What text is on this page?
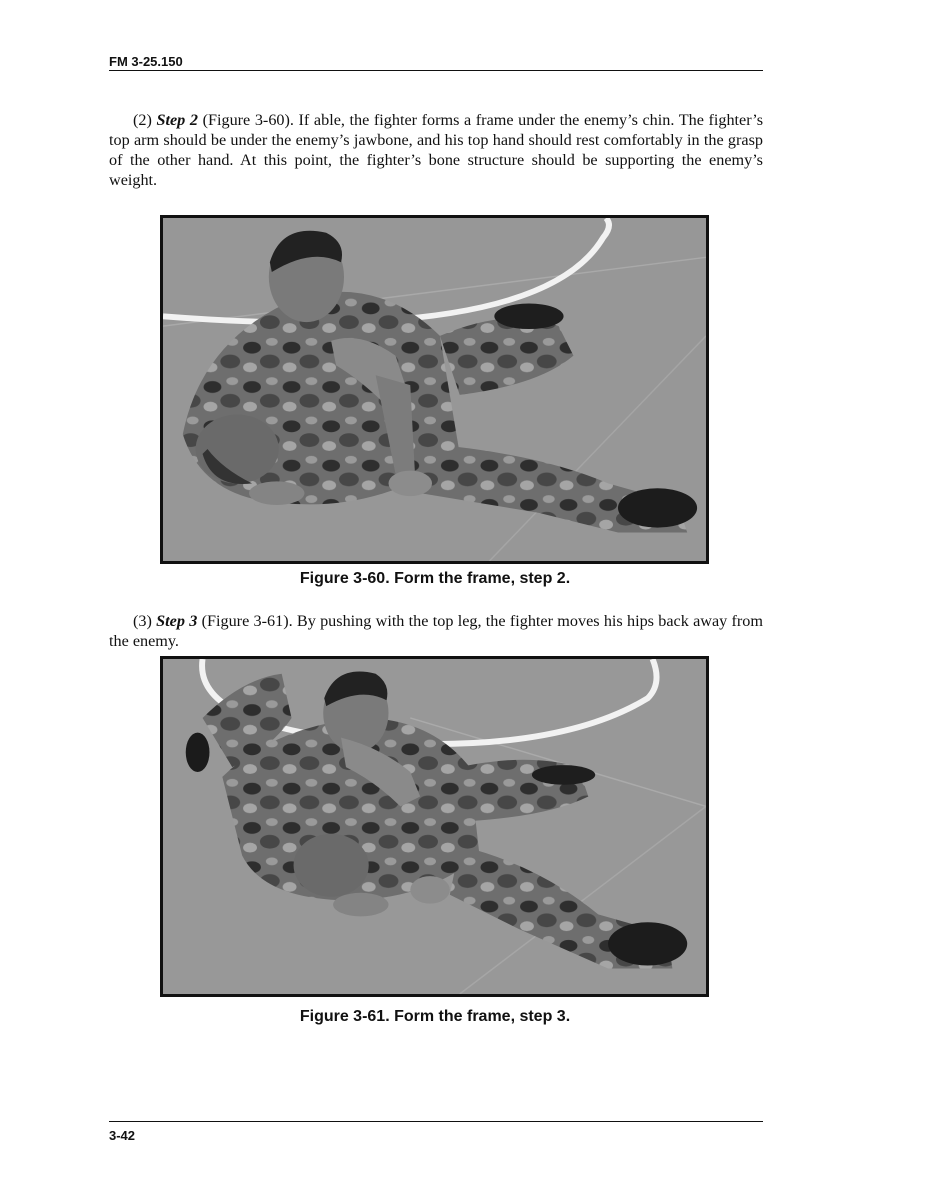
FM 3-25.150
(2) Step 2 (Figure 3-60). If able, the fighter forms a frame under the enemy’s chin. The fighter’s top arm should be under the enemy’s jawbone, and his top hand should rest comfortably in the grasp of the other hand. At this point, the fighter’s bone structure should be supporting the enemy’s weight.
Figure 3-60. Form the frame, step 2.
(3) Step 3 (Figure 3-61). By pushing with the top leg, the fighter moves his hips back away from the enemy.
Figure 3-61. Form the frame, step 3.
3-42
